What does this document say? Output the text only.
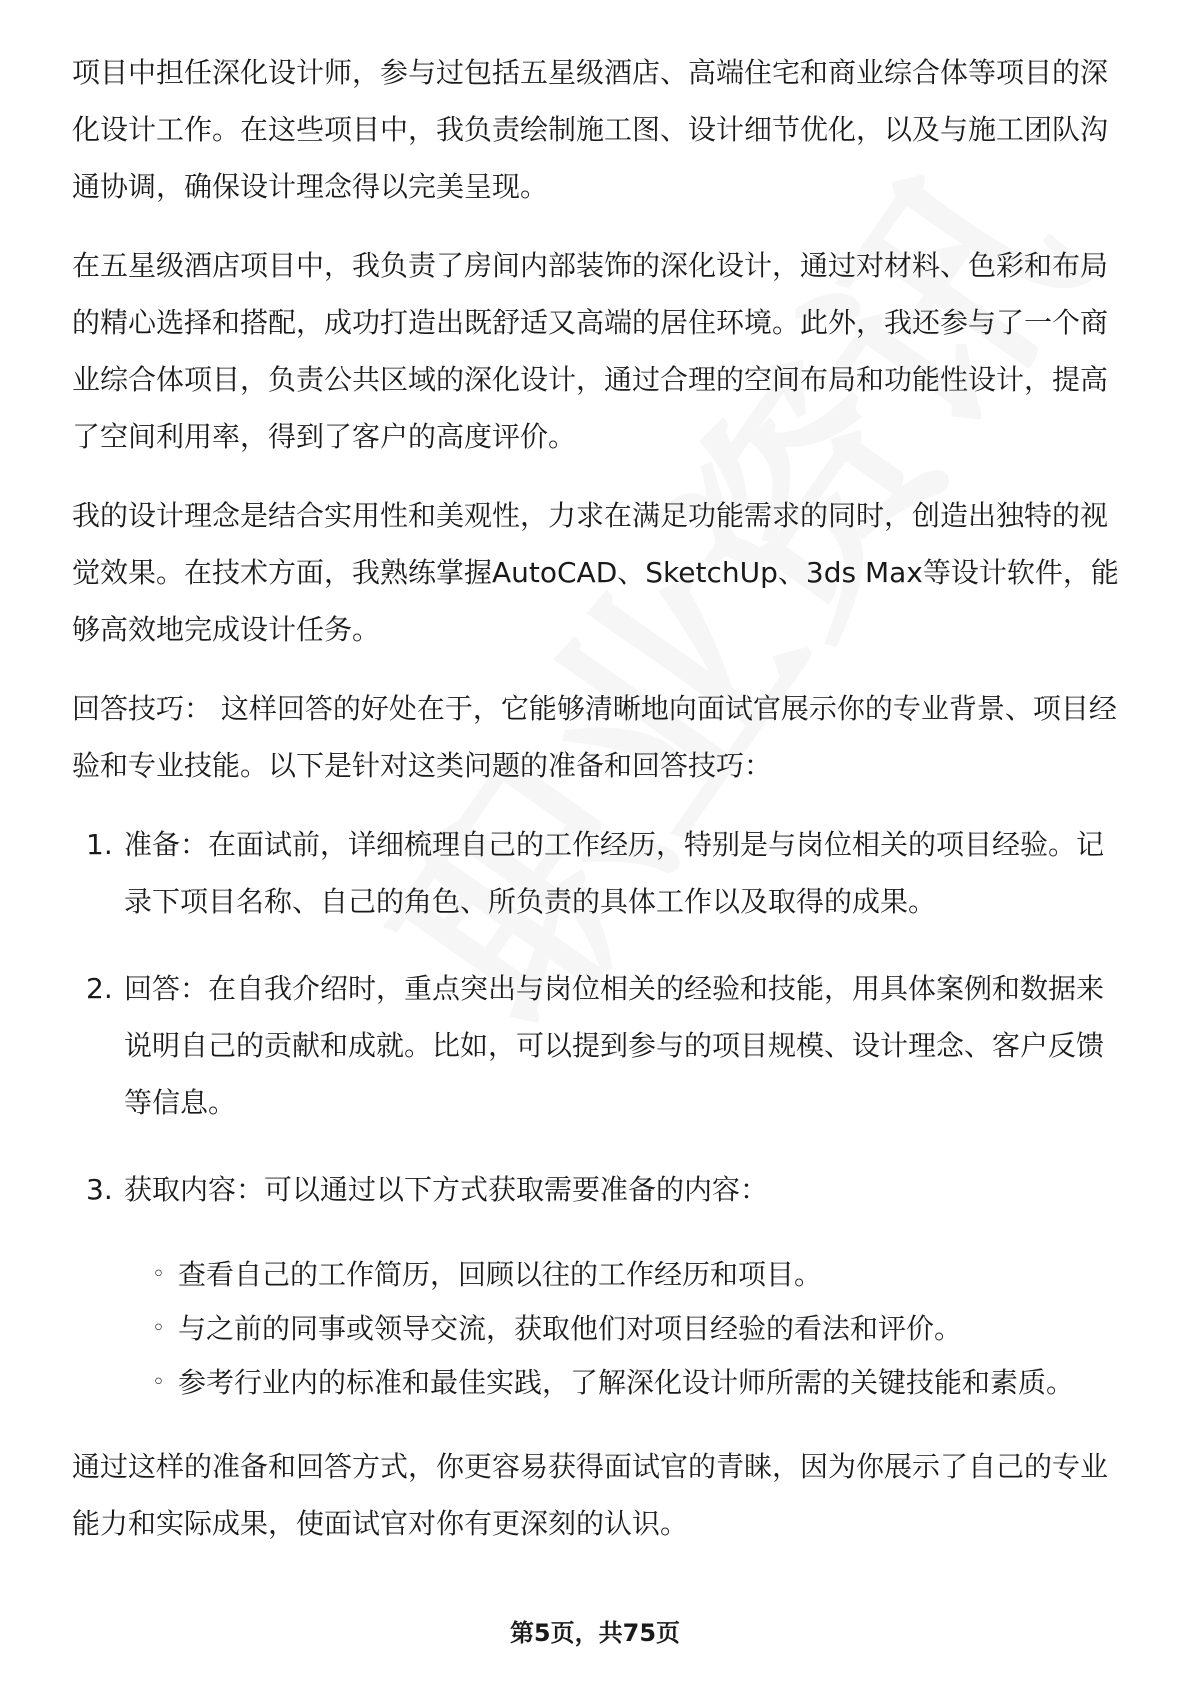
项目中担任深化设计师，参与过包括五星级酒店、高端住宅和商业综合体等项目的深化设计工作。在这些项目中，我负责绘制施工图、设计细节优化，以及与施工团队沟通协调，确保设计理念得以完美呈现。

在五星级酒店项目中，我负责了房间内部装饰的深化设计，通过对材料、色彩和布局的精心选择和搭配，成功打造出既舒适又高端的居住环境。此外，我还参与了一个商业综合体项目，负责公共区域的深化设计，通过合理的空间布局和功能性设计，提高了空间利用率，得到了客户的高度评价。

我的设计理念是结合实用性和美观性，力求在满足功能需求的同时，创造出独特的视觉效果。在技术方面，我熟练掌握AutoCAD、SketchUp、3ds Max等设计软件，能够高效地完成设计任务。

回答技巧： 这样回答的好处在于，它能够清晰地向面试官展示你的专业背景、项目经验和专业技能。以下是针对这类问题的准备和回答技巧：

1. 准备：在面试前，详细梳理自己的工作经历，特别是与岗位相关的项目经验。记录下项目名称、自己的角色、所负责的具体工作以及取得的成果。
2. 回答：在自我介绍时，重点突出与岗位相关的经验和技能，用具体案例和数据来说明自己的贡献和成就。比如，可以提到参与的项目规模、设计理念、客户反馈等信息。
3. 获取内容：可以通过以下方式获取需要准备的内容：
◦ 查看自己的工作简历，回顾以往的工作经历和项目。
◦ 与之前的同事或领导交流，获取他们对项目经验的看法和评价。
◦ 参考行业内的标准和最佳实践，了解深化设计师所需的关键技能和素质。

通过这样的准备和回答方式，你更容易获得面试官的青睐，因为你展示了自己的专业能力和实际成果，使面试官对你有更深刻的认识。

第5页，共75页
